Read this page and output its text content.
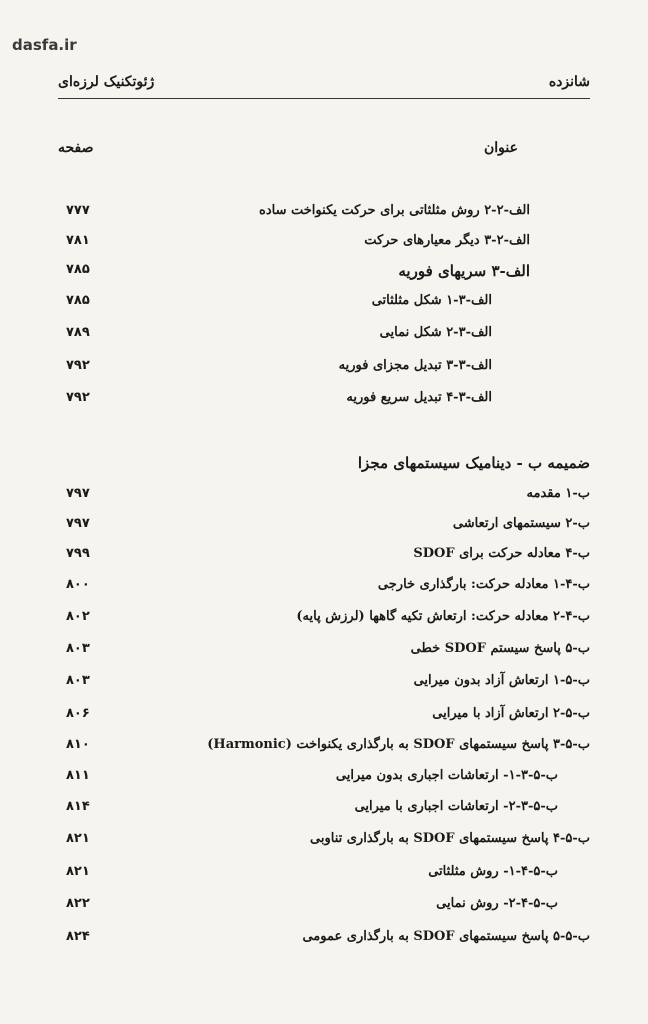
dasfa.ir
شانزده
ژئوتکنیک لرزه‌ای
عنوان
صفحه
الف-۲-۲ روش مثلثاتی برای حرکت یکنواخت ساده
۷۷۷
الف-۲-۳ دیگر معیارهای حرکت
۷۸۱
الف-۳ سریهای فوریه
۷۸۵
الف-۳-۱ شکل مثلثاتی
۷۸۵
الف-۳-۲ شکل نمایی
۷۸۹
الف-۳-۳ تبدیل مجزای فوریه
۷۹۲
الف-۳-۴ تبدیل سریع فوریه
۷۹۲
ضمیمه ب - دینامیک سیستمهای مجزا
ب-۱ مقدمه
۷۹۷
ب-۲ سیستمهای ارتعاشی
۷۹۷
ب-۴ معادله حرکت برای SDOF
۷۹۹
ب-۴-۱ معادله حرکت: بارگذاری خارجی
۸۰۰
ب-۴-۲ معادله حرکت: ارتعاش تکیه گاهها (لرزش پایه)
۸۰۲
ب-۵ پاسخ سیستم SDOF خطی
۸۰۳
ب-۵-۱ ارتعاش آزاد بدون میرایی
۸۰۳
ب-۵-۲ ارتعاش آزاد با میرایی
۸۰۶
ب-۵-۳ پاسخ سیستمهای SDOF به بارگذاری یکنواخت (Harmonic)
۸۱۰
ب-۵-۳-۱- ارتعاشات اجباری بدون میرایی
۸۱۱
ب-۵-۳-۲- ارتعاشات اجباری با میرایی
۸۱۴
ب-۵-۴ پاسخ سیستمهای SDOF به بارگذاری تناوبی
۸۲۱
ب-۵-۴-۱- روش مثلثاتی
۸۲۱
ب-۵-۴-۲- روش نمایی
۸۲۲
ب-۵-۵ پاسخ سیستمهای SDOF به بارگذاری عمومی
۸۲۴
